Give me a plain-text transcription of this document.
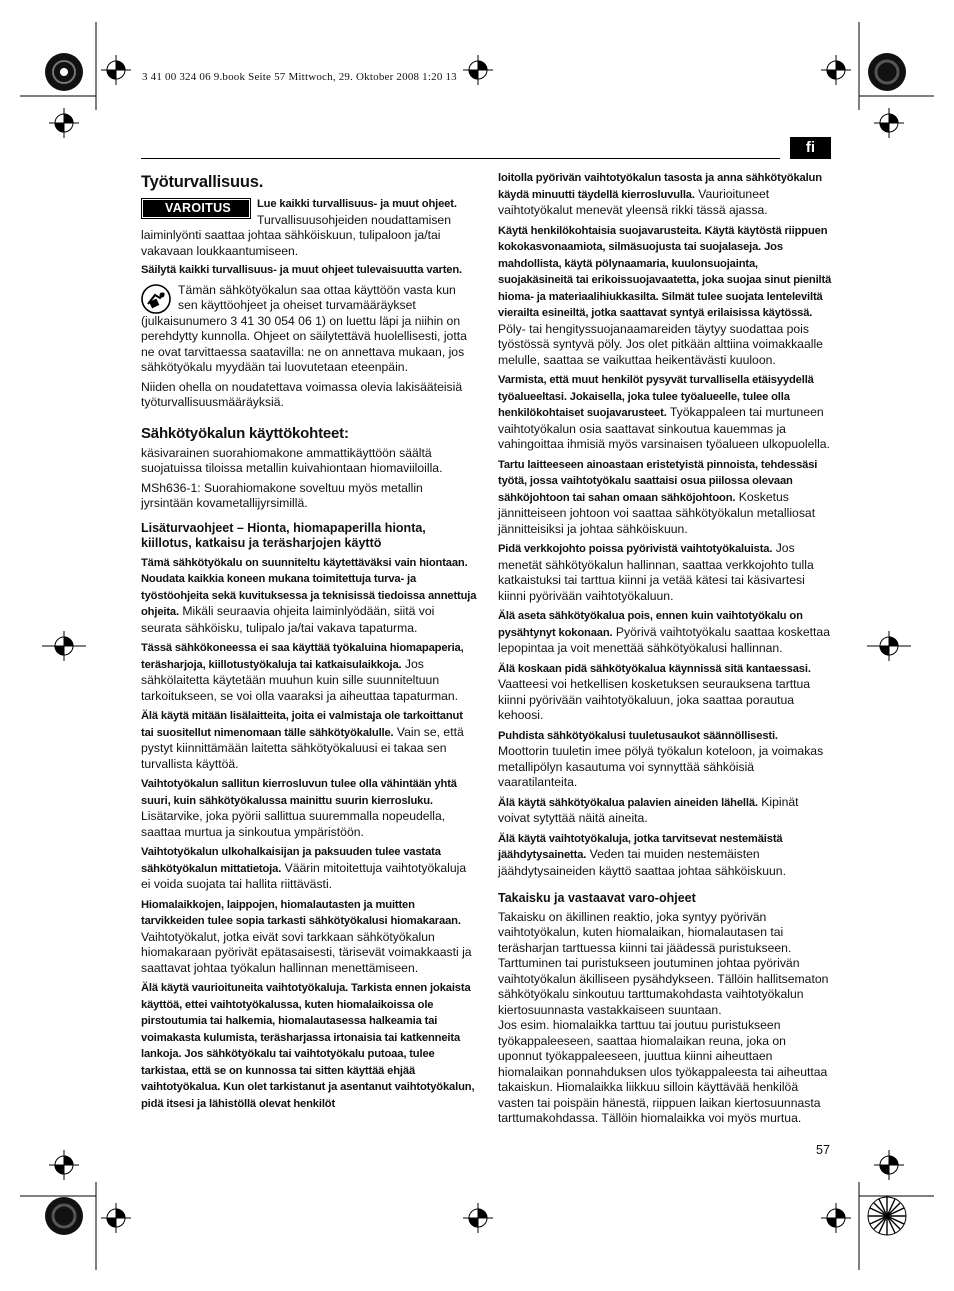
3 41 00 324 06 9.book Seite 57 Mittwoch, 29. Oktober 2008 1:20 13
fi
Työturvallisuus.
VAROITUS	Lue kaikki turvallisuus- ja muut ohjeet. Turvallisuusohjeiden noudattamisen laiminlyönti saattaa johtaa sähköiskuun, tulipaloon ja/tai vakavaan loukkaantumiseen.
Säilytä kaikki turvallisuus- ja muut ohjeet tulevaisuutta varten.
Tämän sähkötyökalun saa ottaa käyttöön vasta kun sen käyttöohjeet ja oheiset turvamääräykset (julkaisunumero 3 41 30 054 06 1) on luettu läpi ja niihin on perehdytty kunnolla. Ohjeet on säilytettävä huolellisesti, jotta ne ovat tarvittaessa saatavilla: ne on annettava mukaan, jos sähkötyökalu myydään tai luovutetaan eteenpäin.
Niiden ohella on noudatettava voimassa olevia lakisääteisiä työturvallisuusmääräyksiä.
Sähkötyökalun käyttökohteet:
käsivarainen suorahiomakone ammattikäyttöön säältä suojatuissa tiloissa metallin kuivahiontaan hiomaviiloilla.
MSh636-1: Suorahiomakone soveltuu myös metallin jyrsintään kovametallijyrsimillä.
Lisäturvaohjeet – Hionta, hiomapaperilla hionta, kiillotus, katkaisu ja teräsharjojen käyttö
Tämä sähkötyökalu on suunniteltu käytettäväksi vain hiontaan. Noudata kaikkia koneen mukana toimitettuja turva- ja työstöohjeita sekä kuvituksessa ja teknisissä tiedoissa annettuja ohjeita. Mikäli seuraavia ohjeita laiminlyödään, siitä voi seurata sähköisku, tulipalo ja/tai vakava tapaturma.
Tässä sähkökoneessa ei saa käyttää työkaluina hiomapaperia, teräsharjoja, kiillotustyökaluja tai katkaisulaikkoja. Jos sähkölaitetta käytetään muuhun kuin sille suunniteltuun tarkoitukseen, se voi olla vaaraksi ja aiheuttaa tapaturman.
Älä käytä mitään lisälaitteita, joita ei valmistaja ole tarkoittanut tai suositellut nimenomaan tälle sähkötyökalulle. Vain se, että pystyt kiinnittämään laitetta sähkötyökaluusi ei takaa sen turvallista käyttöä.
Vaihtotyökalun sallitun kierrosluvun tulee olla vähintään yhtä suuri, kuin sähkötyökalussa mainittu suurin kierrosluku. Lisätarvike, joka pyörii sallittua suuremmalla nopeudella, saattaa murtua ja sinkoutua ympäristöön.
Vaihtotyökalun ulkohalkaisijan ja paksuuden tulee vastata sähkötyökalun mittatietoja. Väärin mitoitettuja vaihtotyökaluja ei voida suojata tai hallita riittävästi.
Hiomalaikkojen, laippojen, hiomalautasten ja muitten tarvikkeiden tulee sopia tarkasti sähkötyökalusi hiomakaraan. Vaihtotyökalut, jotka eivät sovi tarkkaan sähkötyökalun hiomakaraan pyörivät epätasaisesti, tärisevät voimakkaasti ja saattavat johtaa työkalun hallinnan menettämiseen.
Älä käytä vaurioituneita vaihtotyökaluja. Tarkista ennen jokaista käyttöä, ettei vaihtotyökalussa, kuten hiomalaikoissa ole pirstoutumia tai halkemia, hiomalautasessa halkeamia tai voimakasta kulumista, teräsharjassa irtonaisia tai katkenneita lankoja. Jos sähkötyökalu tai vaihtotyökalu putoaa, tulee tarkistaa, että se on kunnossa tai sitten käyttää ehjää vaihtotyökalua. Kun olet tarkistanut ja asentanut vaihtotyökalun, pidä itsesi ja lähistöllä olevat henkilöt
loitolla pyörivän vaihtotyökalun tasosta ja anna sähkötyökalun käydä minuutti täydellä kierrosluvulla. Vaurioituneet vaihtotyökalut menevät yleensä rikki tässä ajassa.
Käytä henkilökohtaisia suojavarusteita. Käytä käytöstä riippuen kokokasvonaamiota, silmäsuojusta tai suojalaseja. Jos mahdollista, käytä pölynaamaria, kuulonsuojainta, suojakäsineitä tai erikoissuojavaatetta, joka suojaa sinut pieniltä hioma- ja materiaalihiukkasilta. Silmät tulee suojata lenteleviltä vierailta esineiltä, jotka saattavat syntyä erilaisissa käytössä. Pöly- tai hengityssuojanaamareiden täytyy suodattaa pois työstössä syntyvä pöly. Jos olet pitkään alttiina voimakkaalle melulle, saattaa se vaikuttaa heikentävästi kuuloon.
Varmista, että muut henkilöt pysyvät turvallisella etäisyydellä työalueeltasi. Jokaisella, joka tulee työalueelle, tulee olla henkilökohtaiset suojavarusteet. Työkappaleen tai murtuneen vaihtotyökalun osia saattavat sinkoutua kauemmas ja vahingoittaa ihmisiä myös varsinaisen työalueen ulkopuolella.
Tartu laitteeseen ainoastaan eristetyistä pinnoista, tehdessäsi työtä, jossa vaihtotyökalu saattaisi osua piilossa olevaan sähköjohtoon tai sahan omaan sähköjohtoon. Kosketus jännitteiseen johtoon voi saattaa sähkötyökalun metalliosat jännitteisiksi ja johtaa sähköiskuun.
Pidä verkkojohto poissa pyörivistä vaihtotyökaluista. Jos menetät sähkötyökalun hallinnan, saattaa verkkojohto tulla katkaistuksi tai tarttua kiinni ja vetää kätesi tai käsivartesi kiinni pyörivään vaihtotyökaluun.
Älä aseta sähkötyökalua pois, ennen kuin vaihtotyökalu on pysähtynyt kokonaan. Pyörivä vaihtotyökalu saattaa koskettaa lepopintaa ja voit menettää sähkötyökalusi hallinnan.
Älä koskaan pidä sähkötyökalua käynnissä sitä kantaessasi. Vaatteesi voi hetkellisen kosketuksen seurauksena tarttua kiinni pyörivään vaihtotyökaluun, joka saattaa porautua kehoosi.
Puhdista sähkötyökalusi tuuletusaukot säännöllisesti. Moottorin tuuletin imee pölyä työkalun koteloon, ja voimakas metallipölyn kasautuma voi synnyttää sähköisiä vaaratilanteita.
Älä käytä sähkötyökalua palavien aineiden lähellä. Kipinät voivat sytyttää näitä aineita.
Älä käytä vaihtotyökaluja, jotka tarvitsevat nestemäistä jäähdytysainetta. Veden tai muiden nestemäisten jäähdytysaineiden käyttö saattaa johtaa sähköiskuun.
Takaisku ja vastaavat varo-ohjeet
Takaisku on äkillinen reaktio, joka syntyy pyörivän vaihtotyökalun, kuten hiomalaikan, hiomalautasen tai teräsharjan tarttuessa kiinni tai jäädessä puristukseen.
Tarttuminen tai puristukseen joutuminen johtaa pyörivän vaihtotyökalun äkilliseen pysähdykseen. Tällöin hallitsematon sähkötyökalu sinkoutuu tarttumakohdasta vaihtotyökalun kiertosuunnasta vastakkaiseen suuntaan.
Jos esim. hiomalaikka tarttuu tai joutuu puristukseen työkappaleeseen, saattaa hiomalaikan reuna, joka on uponnut työkappaleeseen, juuttua kiinni aiheuttaen hiomalaikan ponnahduksen ulos työkappaleesta tai aiheuttaa takaiskun. Hiomalaikka liikkuu silloin käyttävää henkilöä vasten tai poispäin hänestä, riippuen laikan kiertosuunnasta tarttumakohdassa. Tällöin hiomalaikka voi myös murtua.
57
